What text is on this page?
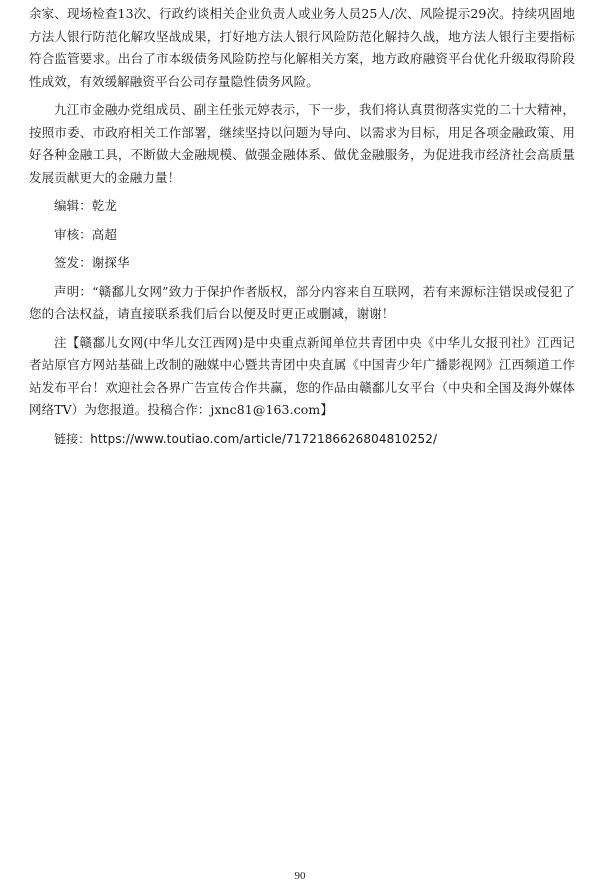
余家、现场检查13次、行政约谈相关企业负责人或业务人员25人/次、风险提示29次。持续巩固地方法人银行防范化解攻坚战成果，打好地方法人银行风险防范化解持久战，地方法人银行主要指标符合监管要求。出台了市本级债务风险防控与化解相关方案，地方政府融资平台优化升级取得阶段性成效，有效缓解融资平台公司存量隐性债务风险。

九江市金融办党组成员、副主任张元婷表示，下一步，我们将认真贯彻落实党的二十大精神，按照市委、市政府相关工作部署，继续坚持以问题为导向、以需求为目标，用足各项金融政策、用好各种金融工具，不断做大金融规模、做强金融体系、做优金融服务，为促进我市经济社会高质量发展贡献更大的金融力量！

编辑：乾龙

审核：高超

签发：谢探华

声明：“赣鄱儿女网”致力于保护作者版权，部分内容来自互联网，若有来源标注错误或侵犯了您的合法权益，请直接联系我们后台以便及时更正或删减，谢谢！

注【赣鄱儿女网(中华儿女江西网)是中央重点新闻单位共青团中央《中华儿女报刊社》江西记者站原官方网站基础上改制的融媒中心暨共青团中央直属《中国青少年广播影视网》江西频道工作站发布平台！欢迎社会各界广告宣传合作共赢，您的作品由赣鄱儿女平台（中央和全国及海外媒体网络TV）为您报道。投稿合作：jxnc81@163.com】

链接：https://www.toutiao.com/article/7172186626804810252/

90
